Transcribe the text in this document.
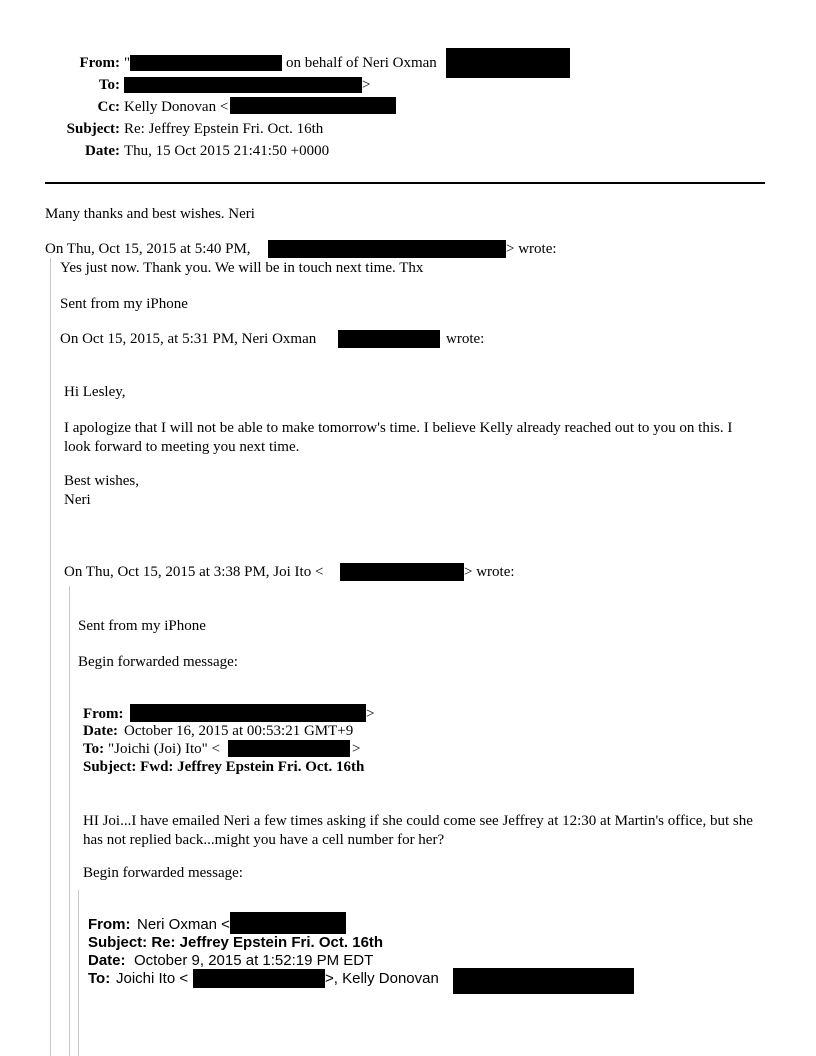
From: "	on behalf of Neri Oxman
To:	>
Cc: Kelly Donovan <
Subject: Re: Jeffrey Epstein Fri. Oct. 16th
Date: Thu, 15 Oct 2015 21:41:50 +0000
Many thanks and best wishes. Neri
On Thu, Oct 15, 2015 at 5:40 PM,	> wrote:
Yes just now. Thank you. We will be in touch next time. Thx
Sent from my iPhone
On Oct 15, 2015, at 5:31 PM, Neri Oxman	wrote:
Hi Lesley,
I apologize that I will not be able to make tomorrow's time. I believe Kelly already reached out to you on this. I look forward to meeting you next time.
Best wishes,
Neri
On Thu, Oct 15, 2015 at 3:38 PM, Joi Ito <	> wrote:
Sent from my iPhone
Begin forwarded message:
From:	>
Date: October 16, 2015 at 00:53:21 GMT+9
To: "Joichi (Joi) Ito" <	>
Subject: Fwd: Jeffrey Epstein Fri. Oct. 16th
HI Joi...I have emailed Neri a few times asking if she could come see Jeffrey at 12:30 at Martin's office, but she has not replied back...might you have a cell number for her?
Begin forwarded message:
From: Neri Oxman <
Subject: Re: Jeffrey Epstein Fri. Oct. 16th
Date: October 9, 2015 at 1:52:19 PM EDT
To: Joichi Ito <	>, Kelly Donovan
